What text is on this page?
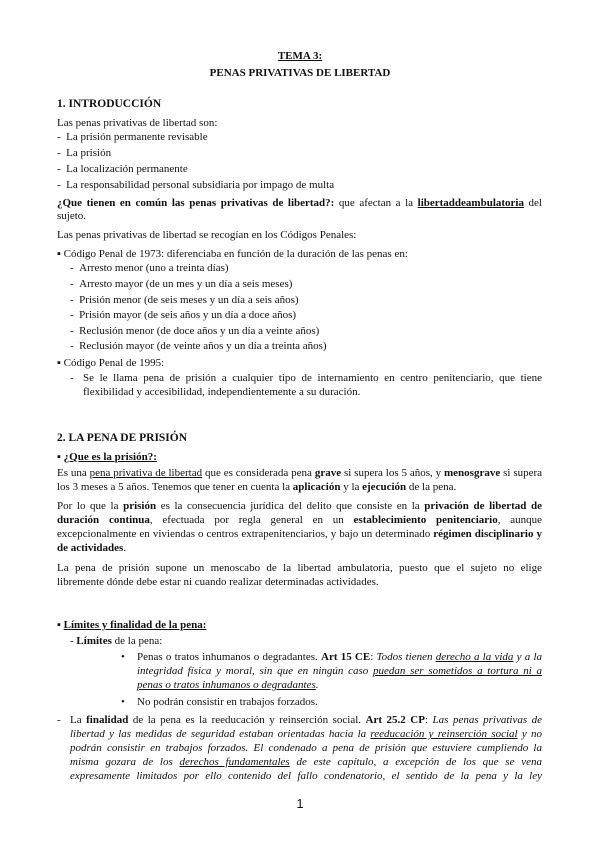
TEMA 3:
PENAS PRIVATIVAS DE LIBERTAD
1. INTRODUCCIÓN
Las penas privativas de libertad son:
-  La prisión permanente revisable
-  La prisión
-  La localización permanente
-  La responsabilidad personal subsidiaria por impago de multa
¿Que tienen en común las penas privativas de libertad?: que afectan a la libertaddeambulatoria del
sujeto.
Las penas privativas de libertad se recogían en los Códigos Penales:
▪ Código Penal de 1973: diferenciaba en función de la duración de las penas en:
-  Arresto menor (uno a treinta días)
-  Arresto mayor (de un mes y un día a seis meses)
-  Prisión menor (de seis meses y un día a seis años)
-  Prisión mayor (de seis años y un día a doce años)
-  Reclusión menor (de doce años y un día a veinte años)
-  Reclusión mayor (de veinte años y un día a treinta años)
▪ Código Penal de 1995:
- Se le llama pena de prisión a cualquier tipo de internamiento en centro penitenciario, que tiene
flexibilidad y accesibilidad, independientemente a su duración.
2. LA PENA DE PRISIÓN
▪ ¿Que es la prisión?:
Es una pena privativa de libertad que es considerada pena grave si supera los 5 años, y menosgrave si supera
los 3 meses a 5 años. Tenemos que tener en cuenta la aplicación y la ejecución de la pena.
Por lo que la prisión es la consecuencia jurídica del delito que consiste en la privación de libertad de
duración continua, efectuada por regla general en un establecimiento penitenciario, aunque
excepcionalmente en viviendas o centros extrapenitenciarios, y bajo un determinado régimen disciplinario y
de actividades.
La pena de prisión supone un menoscabo de la libertad ambulatoria, puesto que el sujeto no elige
libremente dónde debe estar ni cuando realizar determinadas actividades.
▪ Límites y finalidad de la pena:
- Límites de la pena:
• Penas o tratos inhumanos o degradantes. Art 15 CE: Todos tienen derecho a la vida y a la
integridad física y moral, sin que en ningún caso puedan ser sometidos a tortura ni a
penas o tratos inhumanos o degradantes.
• No podrán consistir en trabajos forzados.
- La finalidad de la pena es la reeducación y reinserción social. Art 25.2 CP: Las penas privativas de
libertad y las medidas de seguridad estaban orientadas hacia la reeducación y reinserción social y no
podrán consistir en trabajos forzados. El condenado a pena de prisión que estuviere cumpliendo la
misma gozara de los derechos fundamentales de este capítulo, a excepción de los que se vena
expresamente limitados por ello contenido del fallo condenatorio, el sentido de la pena y la ley
1
